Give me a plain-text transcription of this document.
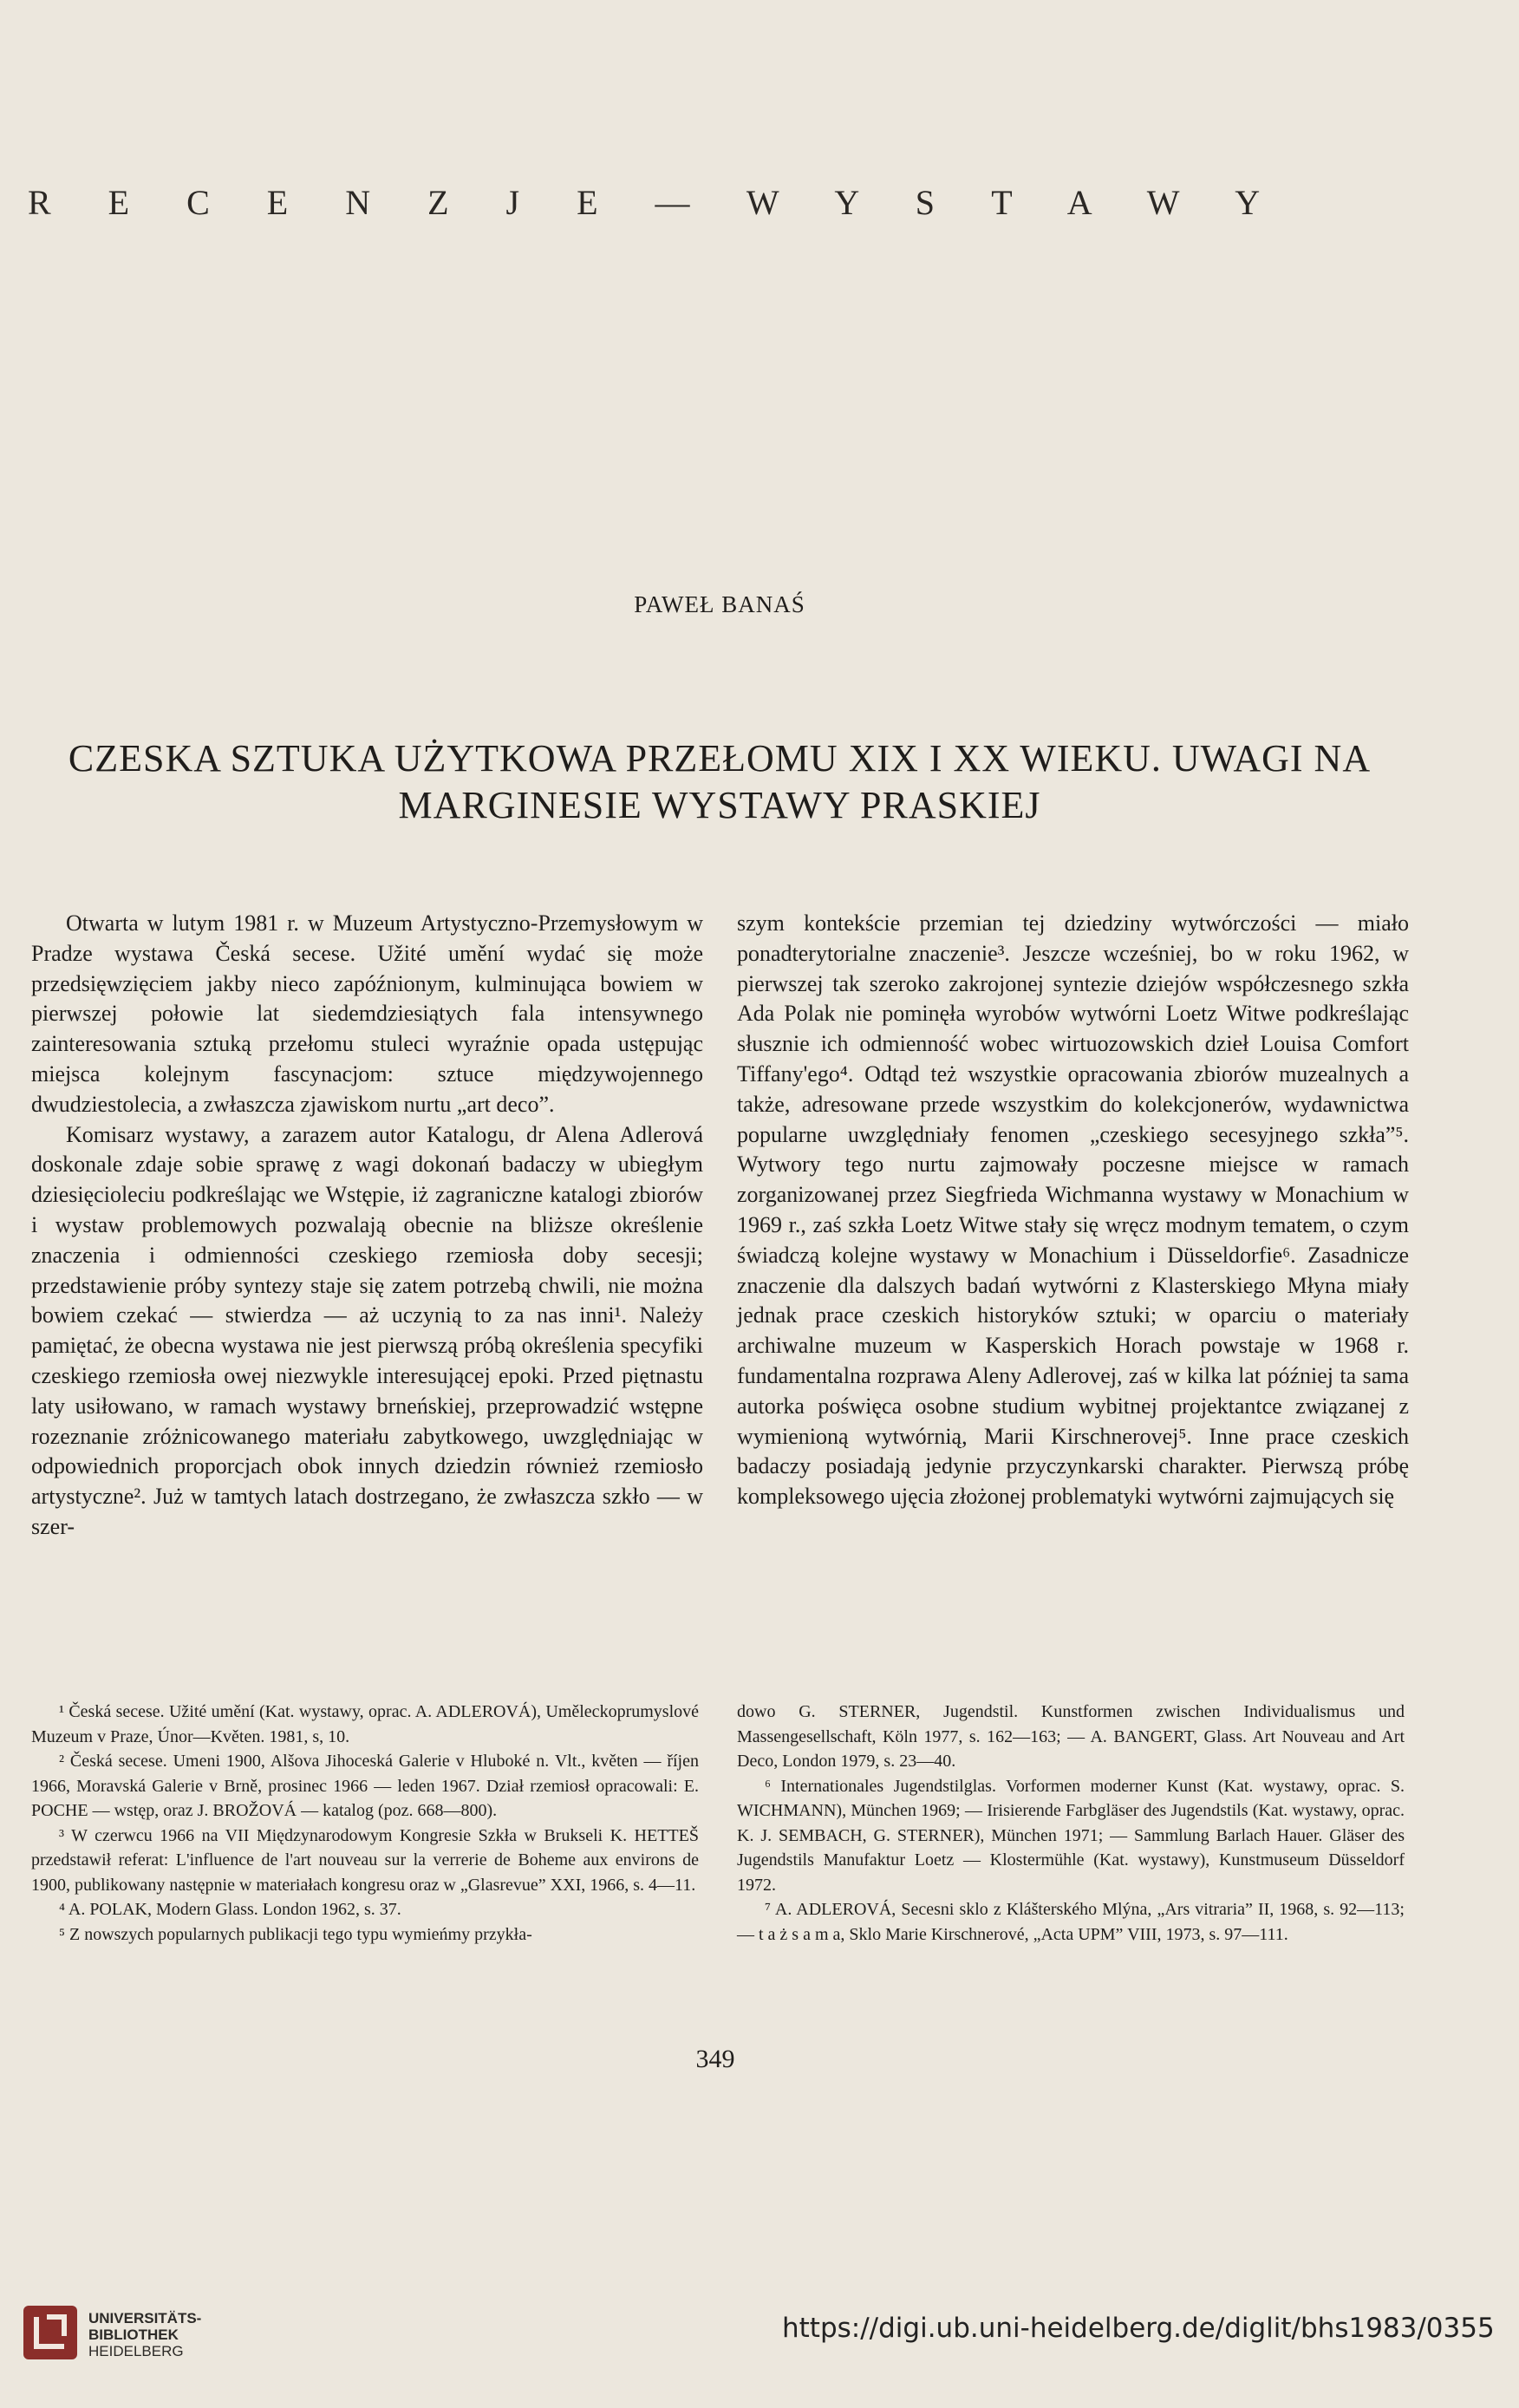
R E C E N Z J E — W Y S T A W Y
PAWEŁ BANAŚ
CZESKA SZTUKA UŻYTKOWA PRZEŁOMU XIX I XX WIEKU. UWAGI NA
MARGINESIE WYSTAWY PRASKIEJ

Otwarta w lutym 1981 r. w Muzeum Artystyczno-Przemysłowym w Pradze wystawa Česká secese. Užité umění wydać się może przedsięwzięciem jakby nieco zapóźnionym, kulminująca bowiem w pierwszej połowie lat siedemdziesiątych fala intensywnego zainteresowania sztuką przełomu stuleci wyraźnie opada ustępując miejsca kolejnym fascynacjom: sztuce międzywojennego dwudziestolecia, a zwłaszcza zjawiskom nurtu „art deco”.

Komisarz wystawy, a zarazem autor Katalogu, dr Alena Adlerová doskonale zdaje sobie sprawę z wagi dokonań badaczy w ubiegłym dziesięcioleciu podkreślając we Wstępie, iż zagraniczne katalogi zbiorów i wystaw problemowych pozwalają obecnie na bliższe określenie znaczenia i odmienności czeskiego rzemiosła doby secesji; przedstawienie próby syntezy staje się zatem potrzebą chwili, nie można bowiem czekać — stwierdza — aż uczynią to za nas inni¹. Należy pamiętać, że obecna wystawa nie jest pierwszą próbą określenia specyfiki czeskiego rzemiosła owej niezwykle interesującej epoki. Przed piętnastu laty usiłowano, w ramach wystawy brneńskiej, przeprowadzić wstępne rozeznanie zróżnicowanego materiału zabytkowego, uwzględniając w odpowiednich proporcjach obok innych dziedzin również rzemiosło artystyczne². Już w tamtych latach dostrzegano, że zwłaszcza szkło — w szer-

szym kontekście przemian tej dziedziny wytwórczości — miało ponadterytorialne znaczenie³. Jeszcze wcześniej, bo w roku 1962, w pierwszej tak szeroko zakrojonej syntezie dziejów współczesnego szkła Ada Polak nie pominęła wyrobów wytwórni Loetz Witwe podkreślając słusznie ich odmienność wobec wirtuozowskich dzieł Louisa Comfort Tiffany'ego⁴. Odtąd też wszystkie opracowania zbiorów muzealnych a także, adresowane przede wszystkim do kolekcjonerów, wydawnictwa popularne uwzględniały fenomen „czeskiego secesyjnego szkła”⁵. Wytwory tego nurtu zajmowały poczesne miejsce w ramach zorganizowanej przez Siegfrieda Wichmanna wystawy w Monachium w 1969 r., zaś szkła Loetz Witwe stały się wręcz modnym tematem, o czym świadczą kolejne wystawy w Monachium i Düsseldorfie⁶. Zasadnicze znaczenie dla dalszych badań wytwórni z Klasterskiego Młyna miały jednak prace czeskich historyków sztuki; w oparciu o materiały archiwalne muzeum w Kasperskich Horach powstaje w 1968 r. fundamentalna rozprawa Aleny Adlerovej, zaś w kilka lat później ta sama autorka poświęca osobne studium wybitnej projektantce związanej z wymienioną wytwórnią, Marii Kirschnerovej⁵. Inne prace czeskich badaczy posiadają jedynie przyczynkarski charakter. Pierwszą próbę kompleksowego ujęcia złożonej problematyki wytwórni zajmujących się

¹ Česká secese. Užité umění (Kat. wystawy, oprac. A. ADLEROVÁ), Uměleckoprumyslové Muzeum v Praze, Únor—Květen. 1981, s, 10.

² Česká secese. Umeni 1900, Alšova Jihoceská Galerie v Hluboké n. Vlt., květen — říjen 1966, Moravská Galerie v Brně, prosinec 1966 — leden 1967. Dział rzemiosł opracowali: E. POCHE — wstęp, oraz J. BROŽOVÁ — katalog (poz. 668—800).

³ W czerwcu 1966 na VII Międzynarodowym Kongresie Szkła w Brukseli K. HETTEŠ przedstawił referat: L'influence de l'art nouveau sur la verrerie de Boheme aux environs de 1900, publikowany następnie w materiałach kongresu oraz w „Glasrevue” XXI, 1966, s. 4—11.

⁴ A. POLAK, Modern Glass. London 1962, s. 37.

⁵ Z nowszych popularnych publikacji tego typu wymieńmy przykła-

dowo G. STERNER, Jugendstil. Kunstformen zwischen Individualismus und Massengesellschaft, Köln 1977, s. 162—163; — A. BANGERT, Glass. Art Nouveau and Art Deco, London 1979, s. 23—40.

⁶ Internationales Jugendstilglas. Vorformen moderner Kunst (Kat. wystawy, oprac. S. WICHMANN), München 1969; — Irisierende Farbgläser des Jugendstils (Kat. wystawy, oprac. K. J. SEMBACH, G. STERNER), München 1971; — Sammlung Barlach Hauer. Gläser des Jugendstils Manufaktur Loetz — Klostermühle (Kat. wystawy), Kunstmuseum Düsseldorf 1972.

⁷ A. ADLEROVÁ, Secesni sklo z Klášterského Mlýna, „Ars vitraria” II, 1968, s. 92—113; — t a ż s a m a, Sklo Marie Kirschnerové, „Acta UPM” VIII, 1973, s. 97—111.

349
UNIVERSITÄTS-
BIBLIOTHEK
HEIDELBERG
https://digi.ub.uni-heidelberg.de/diglit/bhs1983/0355
